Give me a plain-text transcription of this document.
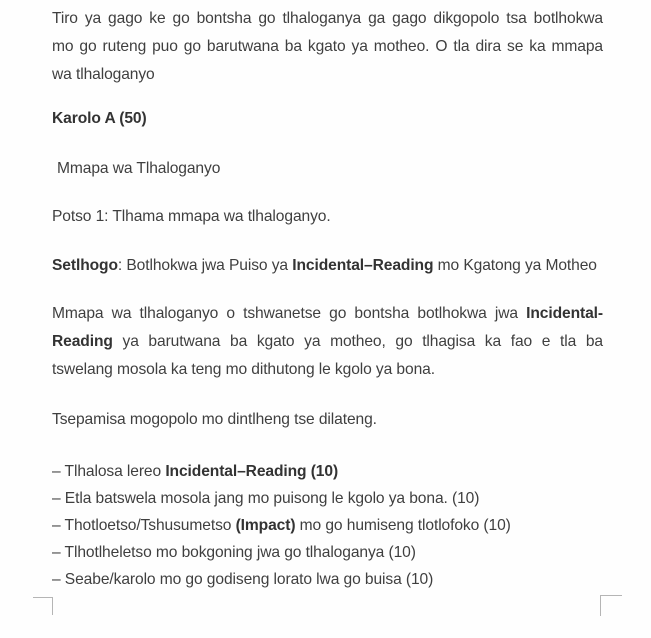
Tiro ya gago ke go bontsha go tlhaloganya ga gago dikgopolo tsa botlhokwa
mo go ruteng puo go barutwana ba kgato ya motheo. O tla dira se ka mmapa
wa tlhaloganyo

Karolo A (50)

Mmapa wa Tlhaloganyo

Potso 1: Tlhama mmapa wa tlhaloganyo.

Setlhogo: Botlhokwa jwa Puiso ya Incidental–Reading mo Kgatong ya Motheo

Mmapa wa tlhaloganyo o tshwanetse go bontsha botlhokwa jwa Incidental-
Reading ya barutwana ba kgato ya motheo, go tlhagisa ka fao e tla ba
tswelang mosola ka teng mo dithutong le kgolo ya bona.

Tsepamisa mogopolo mo dintlheng tse dilateng.

– Tlhalosa lereo Incidental–Reading (10)

– Etla batswela mosola jang mo puisong le kgolo ya bona. (10)

– Thotloetso/Tshusumetso (Impact) mo go humiseng tlotlofoko (10)

– Tlhotlheletso mo bokgoning jwa go tlhaloganya (10)

– Seabe/karolo mo go godiseng lorato lwa go buisa (10)
